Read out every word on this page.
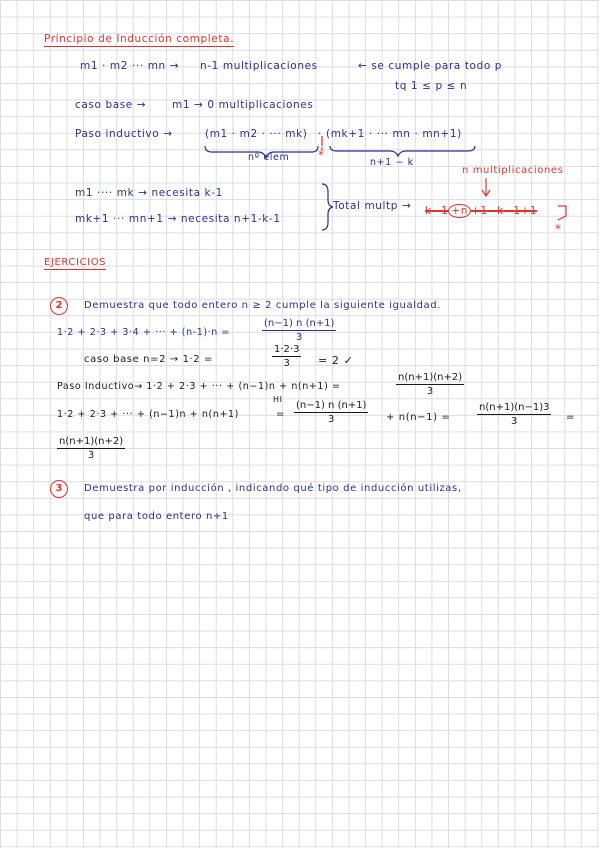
Principio de Inducción completa.
m1 · m2 ··· mn → n-1 multiplicaciones	← se cumple para todo p
tq 1 ≤ p ≤ n
caso base → m1 → 0 multiplicaciones
Paso inductivo →	(m1 · m2 · ··· mk) · (mk+1 · ··· mn · mn+1)
nº elem	n+1 − k
*
m1 ···· mk → necesita k-1
mk+1 ··· mn+1 → necesita n+1-k-1
Total multp →
n multiplicaciones
k−1 +n +1−k−1+1
*
EJERCICIOS
2	Demuestra que todo entero n ≥ 2 cumple la siguiente igualdad.
1·2 + 2·3 + 3·4 + ··· + (n-1)·n =	$\frac{(n-1) n (n+1)}{3}$
caso base n=2 → 1·2 =	$\frac{1\cdot 2\cdot 3}{3} = 2$ ✓
Paso Inductivo→ 1·2 + 2·3 + ··· + (n−1)n + n(n+1) =	$\frac{n(n+1)(n+2)}{3}$
1·2 + 2·3 + ··· + (n−1)n + n(n+1)
HI
= $\frac{(n-1) n (n+1)}{3} + n(n-1)$ =	$\frac{n(n+1)(n-1)3}{3}$ =
$\frac{n(n+1)(n+2)}{3}$
3	Demuestra por inducción , indicando qué tipo de inducción utilizas,
que para todo entero n+1
